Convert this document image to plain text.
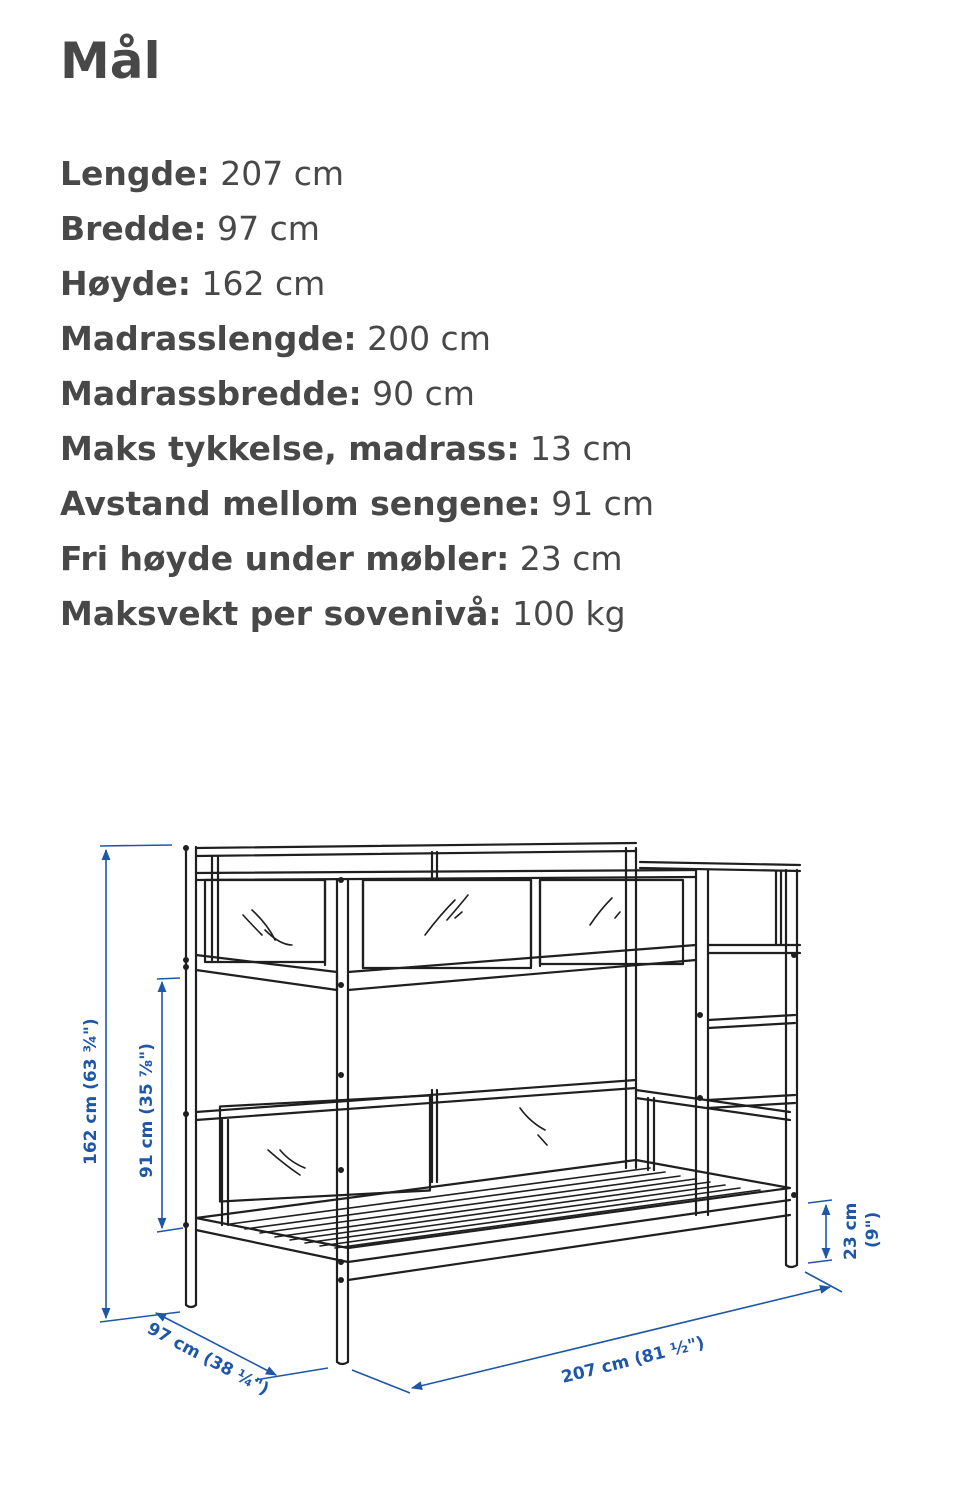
Mål
Lengde: 207 cm
Bredde: 97 cm
Høyde: 162 cm
Madrasslengde: 200 cm
Madrassbredde: 90 cm
Maks tykkelse, madrass: 13 cm
Avstand mellom sengene: 91 cm
Fri høyde under møbler: 23 cm
Maksvekt per sovenivå: 100 kg
162 cm (63 ¾") 91 cm (35 ⅞")
97 cm (38 ¼")	207 cm (81 ½")
23 cm (9")
